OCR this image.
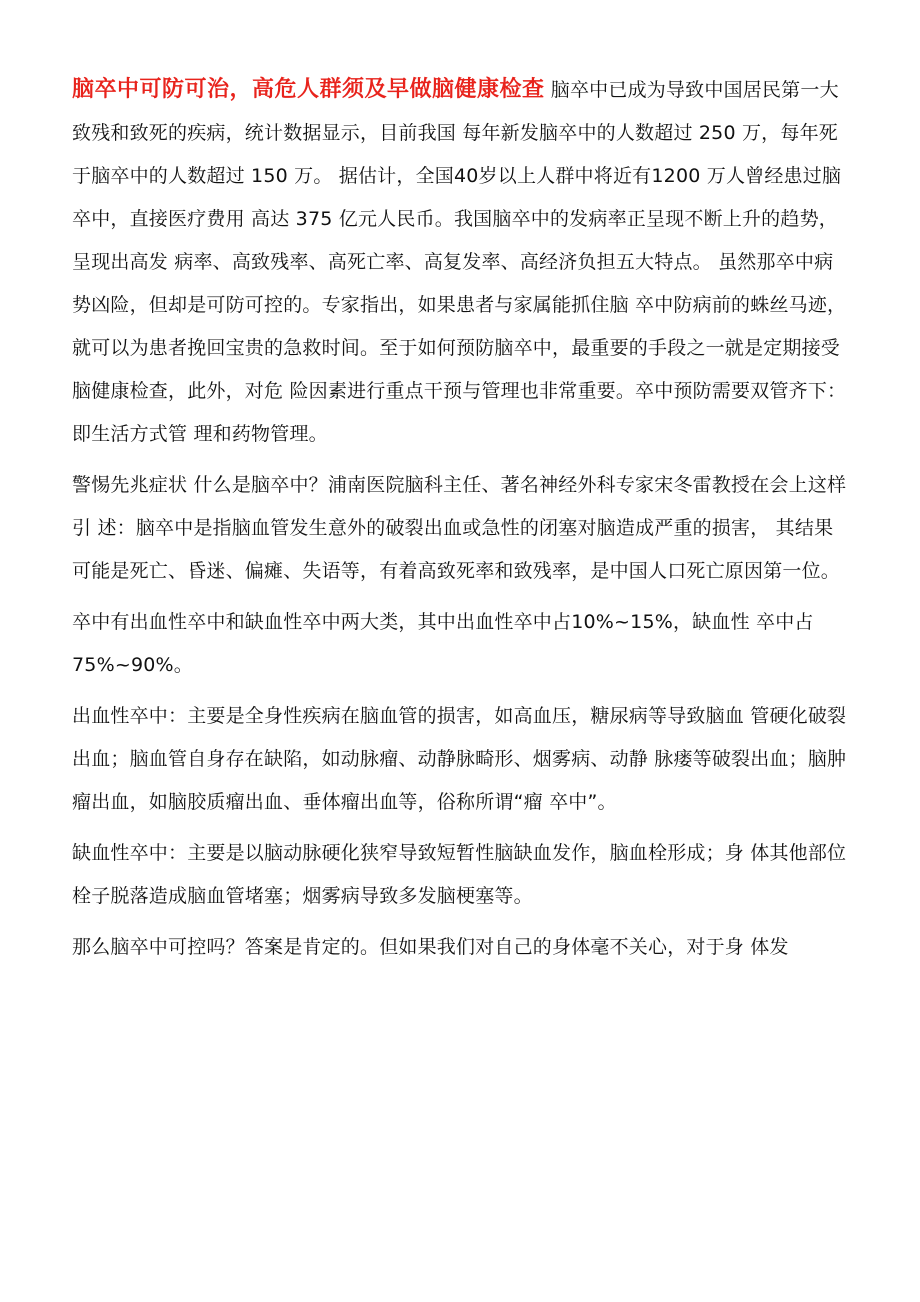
脑卒中可防可治，高危人群须及早做脑健康检查 脑卒中已成为导致中国居民第一大致残和致死的疾病，统计数据显示，目前我国 每年新发脑卒中的人数超过 250 万，每年死于脑卒中的人数超过 150 万。 据估计，全国40岁以上人群中将近有1200 万人曾经患过脑卒中，直接医疗费用 高达 375 亿元人民币。我国脑卒中的发病率正呈现不断上升的趋势，呈现出高发 病率、高致残率、高死亡率、高复发率、高经济负担五大特点。 虽然那卒中病势凶险，但却是可防可控的。专家指出，如果患者与家属能抓住脑 卒中防病前的蛛丝马迹，就可以为患者挽回宝贵的急救时间。至于如何预防脑卒中，最重要的手段之一就是定期接受脑健康检查，此外，对危 险因素进行重点干预与管理也非常重要。卒中预防需要双管齐下：即生活方式管 理和药物管理。

警惕先兆症状 什么是脑卒中？浦南医院脑科主任、著名神经外科专家宋冬雷教授在会上这样引 述：脑卒中是指脑血管发生意外的破裂出血或急性的闭塞对脑造成严重的损害， 其结果可能是死亡、昏迷、偏瘫、失语等，有着高致死率和致残率，是中国人口死亡原因第一位。

卒中有出血性卒中和缺血性卒中两大类，其中出血性卒中占10%~15%，缺血性 卒中占75%~90%。

出血性卒中：主要是全身性疾病在脑血管的损害，如高血压，糖尿病等导致脑血 管硬化破裂出血；脑血管自身存在缺陷，如动脉瘤、动静脉畸形、烟雾病、动静 脉瘘等破裂出血；脑肿瘤出血，如脑胶质瘤出血、垂体瘤出血等，俗称所谓“瘤 卒中”。

缺血性卒中：主要是以脑动脉硬化狭窄导致短暂性脑缺血发作，脑血栓形成；身 体其他部位栓子脱落造成脑血管堵塞；烟雾病导致多发脑梗塞等。

那么脑卒中可控吗？答案是肯定的。但如果我们对自己的身体毫不关心，对于身 体发
